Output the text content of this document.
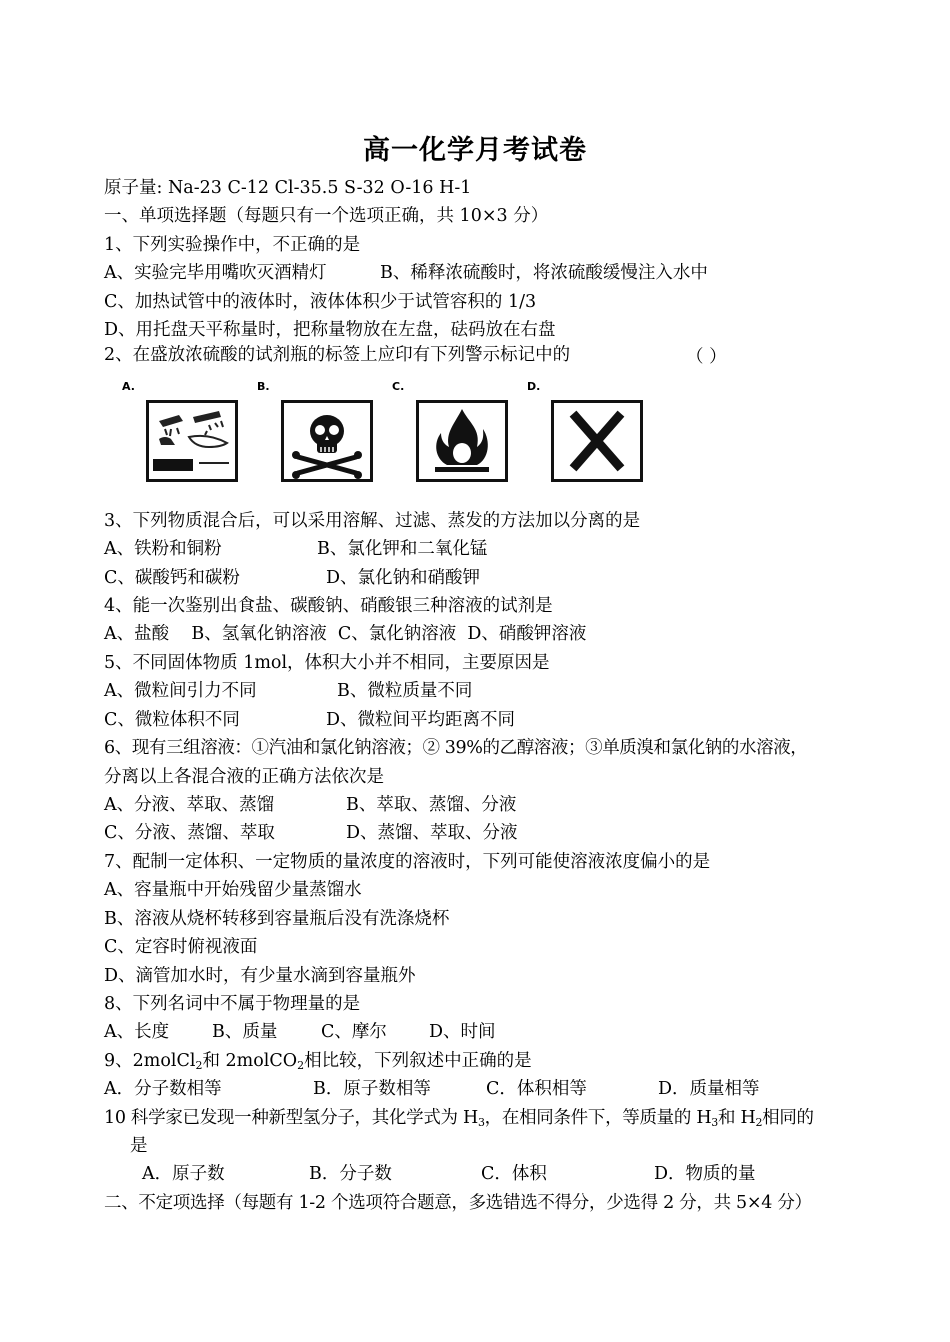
高一化学月考试卷
原子量: Na-23 C-12 Cl-35.5 S-32 O-16 H-1
一、单项选择题（每题只有一个选项正确，共 10×3 分）
1、下列实验操作中，不正确的是
A、实验完毕用嘴吹灭酒精灯	B、稀释浓硫酸时，将浓硫酸缓慢注入水中
C、加热试管中的液体时，液体体积少于试管容积的 1/3
D、用托盘天平称量时，把称量物放在左盘，砝码放在右盘
2、在盛放浓硫酸的试剂瓶的标签上应印有下列警示标记中的	（ ）
A.	B.	C.	D.
3、下列物质混合后，可以采用溶解、过滤、蒸发的方法加以分离的是
A、铁粉和铜粉	B、氯化钾和二氧化锰
C、碳酸钙和碳粉	D、氯化钠和硝酸钾
4、能一次鉴别出食盐、碳酸钠、硝酸银三种溶液的试剂是
A、盐酸    B、氢氧化钠溶液  C、氯化钠溶液  D、硝酸钾溶液
5、不同固体物质 1mol，体积大小并不相同，主要原因是
A、微粒间引力不同	B、微粒质量不同
C、微粒体积不同	D、微粒间平均距离不同
6、现有三组溶液：①汽油和氯化钠溶液；② 39%的乙醇溶液；③单质溴和氯化钠的水溶液，
分离以上各混合液的正确方法依次是
A、分液、萃取、蒸馏	B、萃取、蒸馏、分液
C、分液、蒸馏、萃取	D、蒸馏、萃取、分液
7、配制一定体积、一定物质的量浓度的溶液时，下列可能使溶液浓度偏小的是
A、容量瓶中开始残留少量蒸馏水
B、溶液从烧杯转移到容量瓶后没有洗涤烧杯
C、定容时俯视液面
D、滴管加水时，有少量水滴到容量瓶外
8、下列名词中不属于物理量的是
A、长度 B、质量 C、摩尔 D、时间
9、2molCl$_2$和 2molCO$_2$相比较，下列叙述中正确的是
A．分子数相等	B．原子数相等	C．体积相等	D．质量相等
10 科学家已发现一种新型氢分子，其化学式为 $H_3$，在相同条件下，等质量的 $H_3$和 $H_2$相同的
是
A．原子数	B．分子数	C．体积	D．物质的量
二、不定项选择（每题有 1-2 个选项符合题意，多选错选不得分，少选得 2 分，共 5×4 分）
